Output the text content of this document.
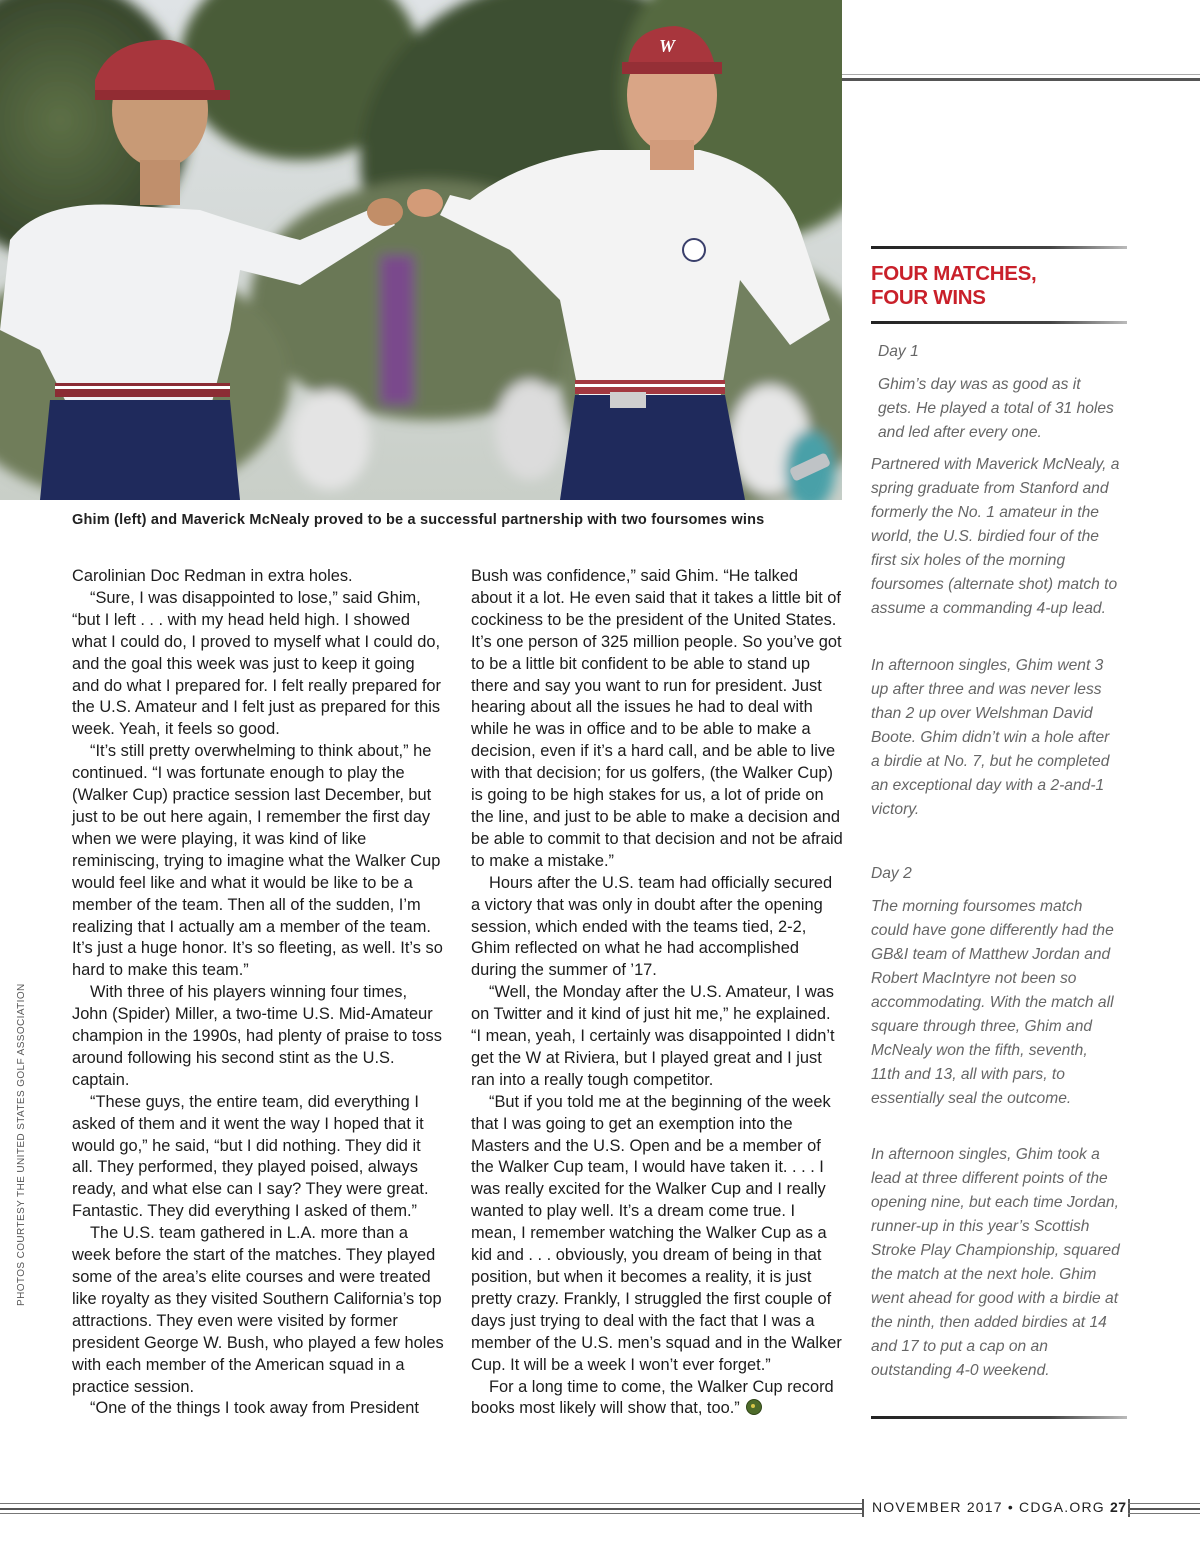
W
Ghim (left) and Maverick McNealy proved to be a successful partnership with two foursomes wins

Carolinian Doc Redman in extra holes.

“Sure, I was disappointed to lose,” said Ghim, “but I left . . . with my head held high. I showed what I could do, I proved to myself what I could do, and the goal this week was just to keep it going and do what I prepared for. I felt really prepared for the U.S. Amateur and I felt just as prepared for this week. Yeah, it feels so good.

“It’s still pretty overwhelming to think about,” he continued. “I was fortunate enough to play the (Walker Cup) practice session last December, but just to be out here again, I remember the first day when we were playing, it was kind of like reminiscing, trying to imagine what the Walker Cup would feel like and what it would be like to be a member of the team. Then all of the sudden, I’m realizing that I actually am a member of the team. It’s just a huge honor. It’s so fleeting, as well. It’s so hard to make this team.”

With three of his players winning four times, John (Spider) Miller, a two-time U.S. Mid-Amateur champion in the 1990s, had plenty of praise to toss around following his second stint as the U.S. captain.

“These guys, the entire team, did everything I asked of them and it went the way I hoped that it would go,” he said, “but I did nothing. They did it all. They performed, they played poised, always ready, and what else can I say? They were great. Fantastic. They did everything I asked of them.”

The U.S. team gathered in L.A. more than a week before the start of the matches. They played some of the area’s elite courses and were treated like royalty as they visited Southern California’s top attractions. They even were visited by former president George W. Bush, who played a few holes with each member of the American squad in a practice session.

“One of the things I took away from President

Bush was confidence,” said Ghim. “He talked about it a lot. He even said that it takes a little bit of cockiness to be the president of the United States. It’s one person of 325 million people. So you’ve got to be a little bit confident to be able to stand up there and say you want to run for president. Just hearing about all the issues he had to deal with while he was in office and to be able to make a decision, even if it’s a hard call, and be able to live with that decision; for us golfers, (the Walker Cup) is going to be high stakes for us, a lot of pride on the line, and just to be able to make a decision and be able to commit to that decision and not be afraid to make a mistake.”

Hours after the U.S. team had officially secured a victory that was only in doubt after the opening session, which ended with the teams tied, 2-2, Ghim reflected on what he had accomplished during the summer of ’17.

“Well, the Monday after the U.S. Amateur, I was on Twitter and it kind of just hit me,” he explained. “I mean, yeah, I certainly was disappointed I didn’t get the W at Riviera, but I played great and I just ran into a really tough competitor.

“But if you told me at the beginning of the week that I was going to get an exemption into the Masters and the U.S. Open and be a member of the Walker Cup team, I would have taken it. . . . I was really excited for the Walker Cup and I really wanted to play well. It’s a dream come true. I mean, I remember watching the Walker Cup as a kid and . . . obviously, you dream of being in that position, but when it becomes a reality, it is just pretty crazy. Frankly, I struggled the first couple of days just trying to deal with the fact that I was a member of the U.S. men’s squad and in the Walker Cup. It will be a week I won’t ever forget.”

For a long time to come, the Walker Cup record books most likely will show that, too.”

PHOTOS COURTESY THE UNITED STATES GOLF ASSOCIATION
FOUR MATCHES,
FOUR WINS
Day 1
Ghim’s day was as good as it gets. He played a total of 31 holes and led after every one.
Partnered with Maverick McNealy, a spring graduate from Stanford and formerly the No. 1 amateur in the world, the U.S. birdied four of the first six holes of the morning foursomes (alternate shot) match to assume a commanding 4-up lead.
In afternoon singles, Ghim went 3 up after three and was never less than 2 up over Welshman David Boote. Ghim didn’t win a hole after a birdie at No. 7, but he completed an exceptional day with a 2-and-1 victory.
Day 2
The morning foursomes match could have gone differently had the GB&I team of Matthew Jordan and Robert MacIntyre not been so accommodating. With the match all square through three, Ghim and McNealy won the fifth, seventh, 11th and 13, all with pars, to essentially seal the outcome.
In afternoon singles, Ghim took a lead at three different points of the opening nine, but each time Jordan, runner-up in this year’s Scottish Stroke Play Championship, squared the match at the next hole. Ghim went ahead for good with a birdie at the ninth, then added birdies at 14 and 17 to put a cap on an outstanding 4-0 weekend.
NOVEMBER 2017 • CDGA.ORG 27
